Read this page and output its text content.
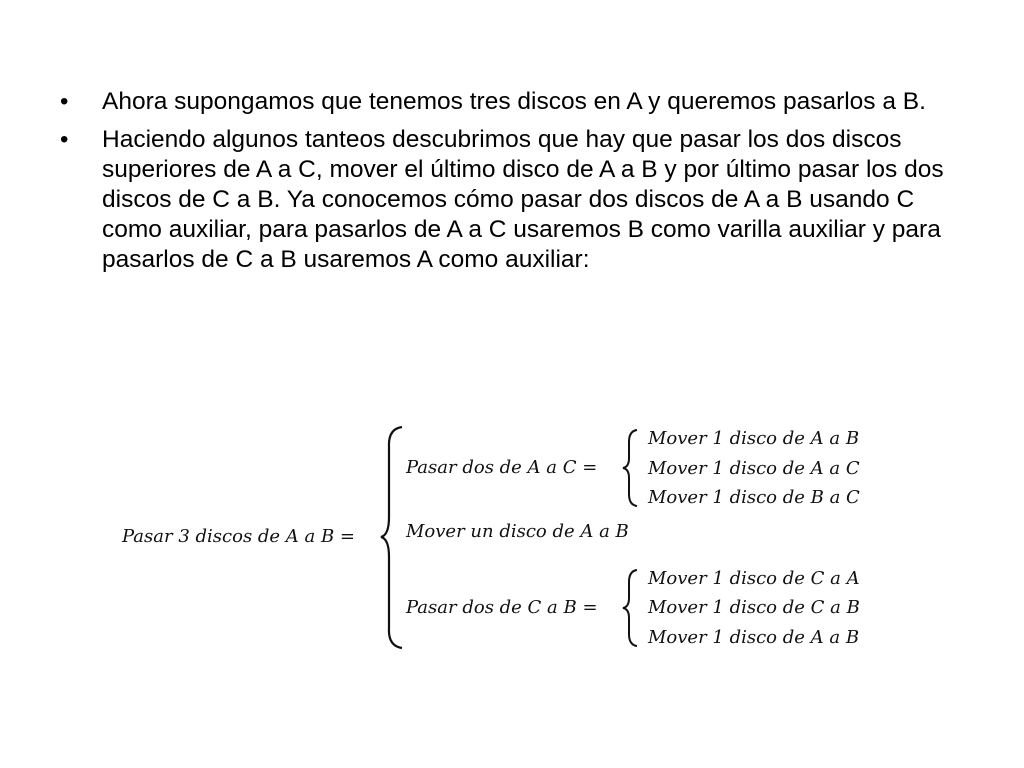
• Ahora supongamos que tenemos tres discos en A y queremos pasarlos a B.
• Haciendo algunos tanteos descubrimos que hay que pasar los dos discos superiores de A a C, mover el último disco de A a B y por último pasar los dos discos de C a B. Ya conocemos cómo pasar dos discos de A a B usando C como auxiliar, para pasarlos de A a C usaremos B como varilla auxiliar y para pasarlos de C a B usaremos A como auxiliar:
Pasar 3 discos de A a B =
Pasar dos de A a C =
Mover 1 disco de A a B
Mover 1 disco de A a C
Mover 1 disco de B a C
Mover un disco de A a B
Pasar dos de C a B =
Mover 1 disco de C a A
Mover 1 disco de C a B
Mover 1 disco de A a B
